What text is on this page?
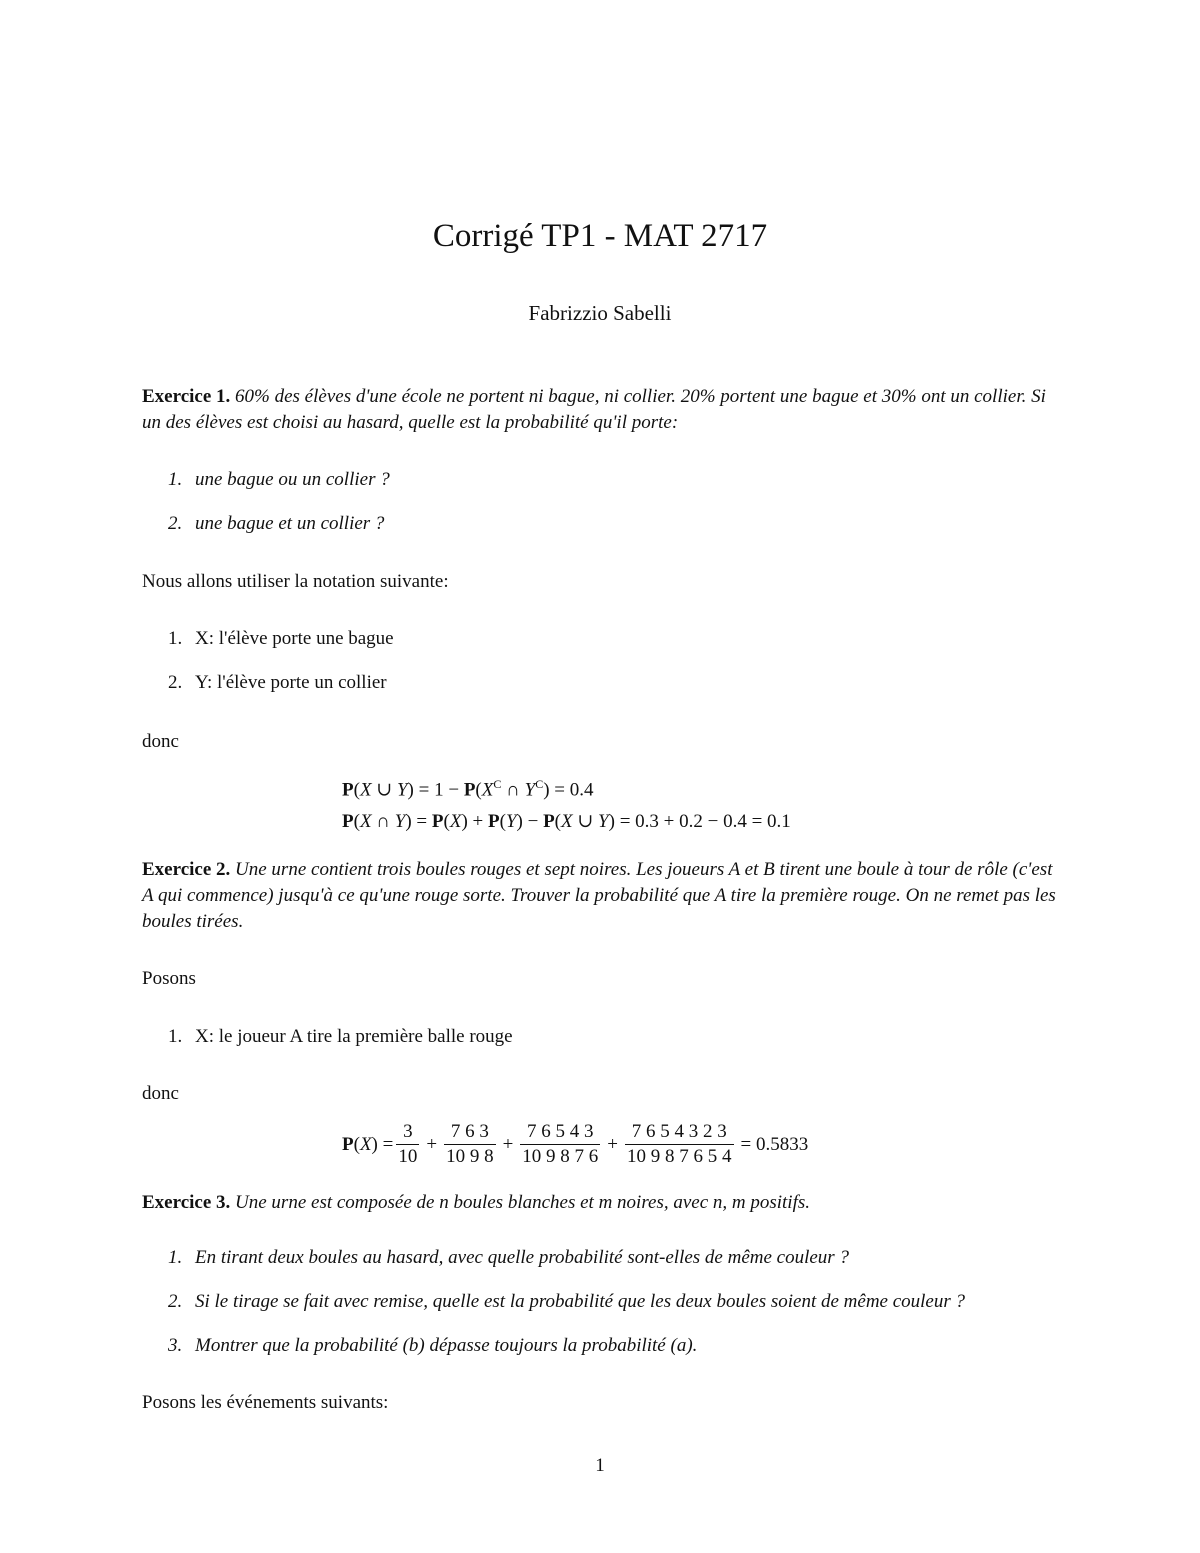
Corrigé TP1 - MAT 2717
Fabrizzio Sabelli
Exercice 1. 60% des élèves d'une école ne portent ni bague, ni collier. 20% portent une bague et 30% ont un collier. Si un des élèves est choisi au hasard, quelle est la probabilité qu'il porte:
1. une bague ou un collier ?
2. une bague et un collier ?
Nous allons utiliser la notation suivante:
1. X: l'élève porte une bague
2. Y: l'élève porte un collier
donc
P(X ∪ $Y) = 1 - P(X^C$ ∩ $Y^C) = 0.4$
P(X ∩ Y) = P(X) + P(Y) − P(X ∪ Y) = 0.3 + 0.2 − 0.4 = 0.1
Exercice 2. Une urne contient trois boules rouges et sept noires. Les joueurs A et B tirent une boule à tour de rôle (c'est A qui commence) jusqu'à ce qu'une rouge sorte. Trouver la probabilité que A tire la première rouge. On ne remet pas les boules tirées.
Posons
1. X: le joueur A tire la première balle rouge
donc
$P(X) = \frac{3}{10} + \frac{7 6 3}{10 9 8} + \frac{7 6 5 4 3}{10 9 8 7 6} + \frac{7 6 5 4 3 2 3}{10 9 8 7 6 5 4} = 0.5833$
Exercice 3. Une urne est composée de n boules blanches et m noires, avec n, m positifs.
1. En tirant deux boules au hasard, avec quelle probabilité sont-elles de même couleur ?
2. Si le tirage se fait avec remise, quelle est la probabilité que les deux boules soient de même couleur ?
3. Montrer que la probabilité (b) dépasse toujours la probabilité (a).
Posons les événements suivants:
1
